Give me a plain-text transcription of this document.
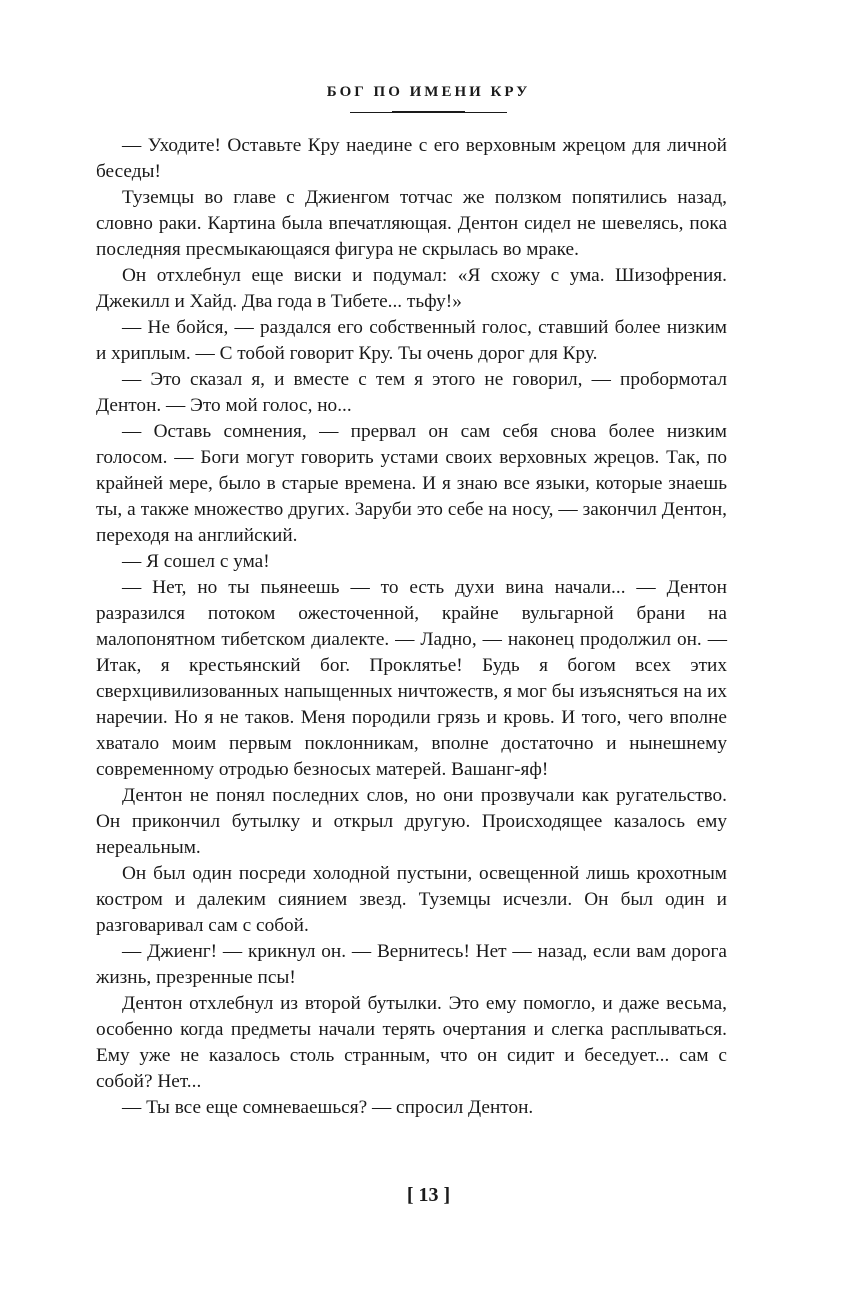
БОГ ПО ИМЕНИ КРУ

— Уходите! Оставьте Кру наедине с его верховным жрецом для личной беседы!

Туземцы во главе с Джиенгом тотчас же ползком попятились назад, словно раки. Картина была впечатляющая. Дентон сидел не шевелясь, пока последняя пресмыкающаяся фигура не скрылась во мраке.

Он отхлебнул еще виски и подумал: «Я схожу с ума. Шизофрения. Джекилл и Хайд. Два года в Тибете... тьфу!»

— Не бойся, — раздался его собственный голос, ставший более низким и хриплым. — С тобой говорит Кру. Ты очень дорог для Кру.

— Это сказал я, и вместе с тем я этого не говорил, — пробормотал Дентон. — Это мой голос, но...

— Оставь сомнения, — прервал он сам себя снова более низким голосом. — Боги могут говорить устами своих верховных жрецов. Так, по крайней мере, было в старые времена. И я знаю все языки, которые знаешь ты, а также множество других. Заруби это себе на носу, — закончил Дентон, переходя на английский.

— Я сошел с ума!

— Нет, но ты пьянеешь — то есть духи вина начали... — Дентон разразился потоком ожесточенной, крайне вульгарной брани на малопонятном тибетском диалекте. — Ладно, — наконец продолжил он. — Итак, я крестьянский бог. Проклятье! Будь я богом всех этих сверхцивилизованных напыщенных ничтожеств, я мог бы изъясняться на их наречии. Но я не таков. Меня породили грязь и кровь. И того, чего вполне хватало моим первым поклонникам, вполне достаточно и нынешнему современному отродью безносых матерей. Вашанг-яф!

Дентон не понял последних слов, но они прозвучали как ругательство. Он прикончил бутылку и открыл другую. Происходящее казалось ему нереальным.

Он был один посреди холодной пустыни, освещенной лишь крохотным костром и далеким сиянием звезд. Туземцы исчезли. Он был один и разговаривал сам с собой.

— Джиенг! — крикнул он. — Вернитесь! Нет — назад, если вам дорога жизнь, презренные псы!

Дентон отхлебнул из второй бутылки. Это ему помогло, и даже весьма, особенно когда предметы начали терять очертания и слегка расплываться. Ему уже не казалось столь странным, что он сидит и беседует... сам с собой? Нет...

— Ты все еще сомневаешься? — спросил Дентон.

[ 13 ]
